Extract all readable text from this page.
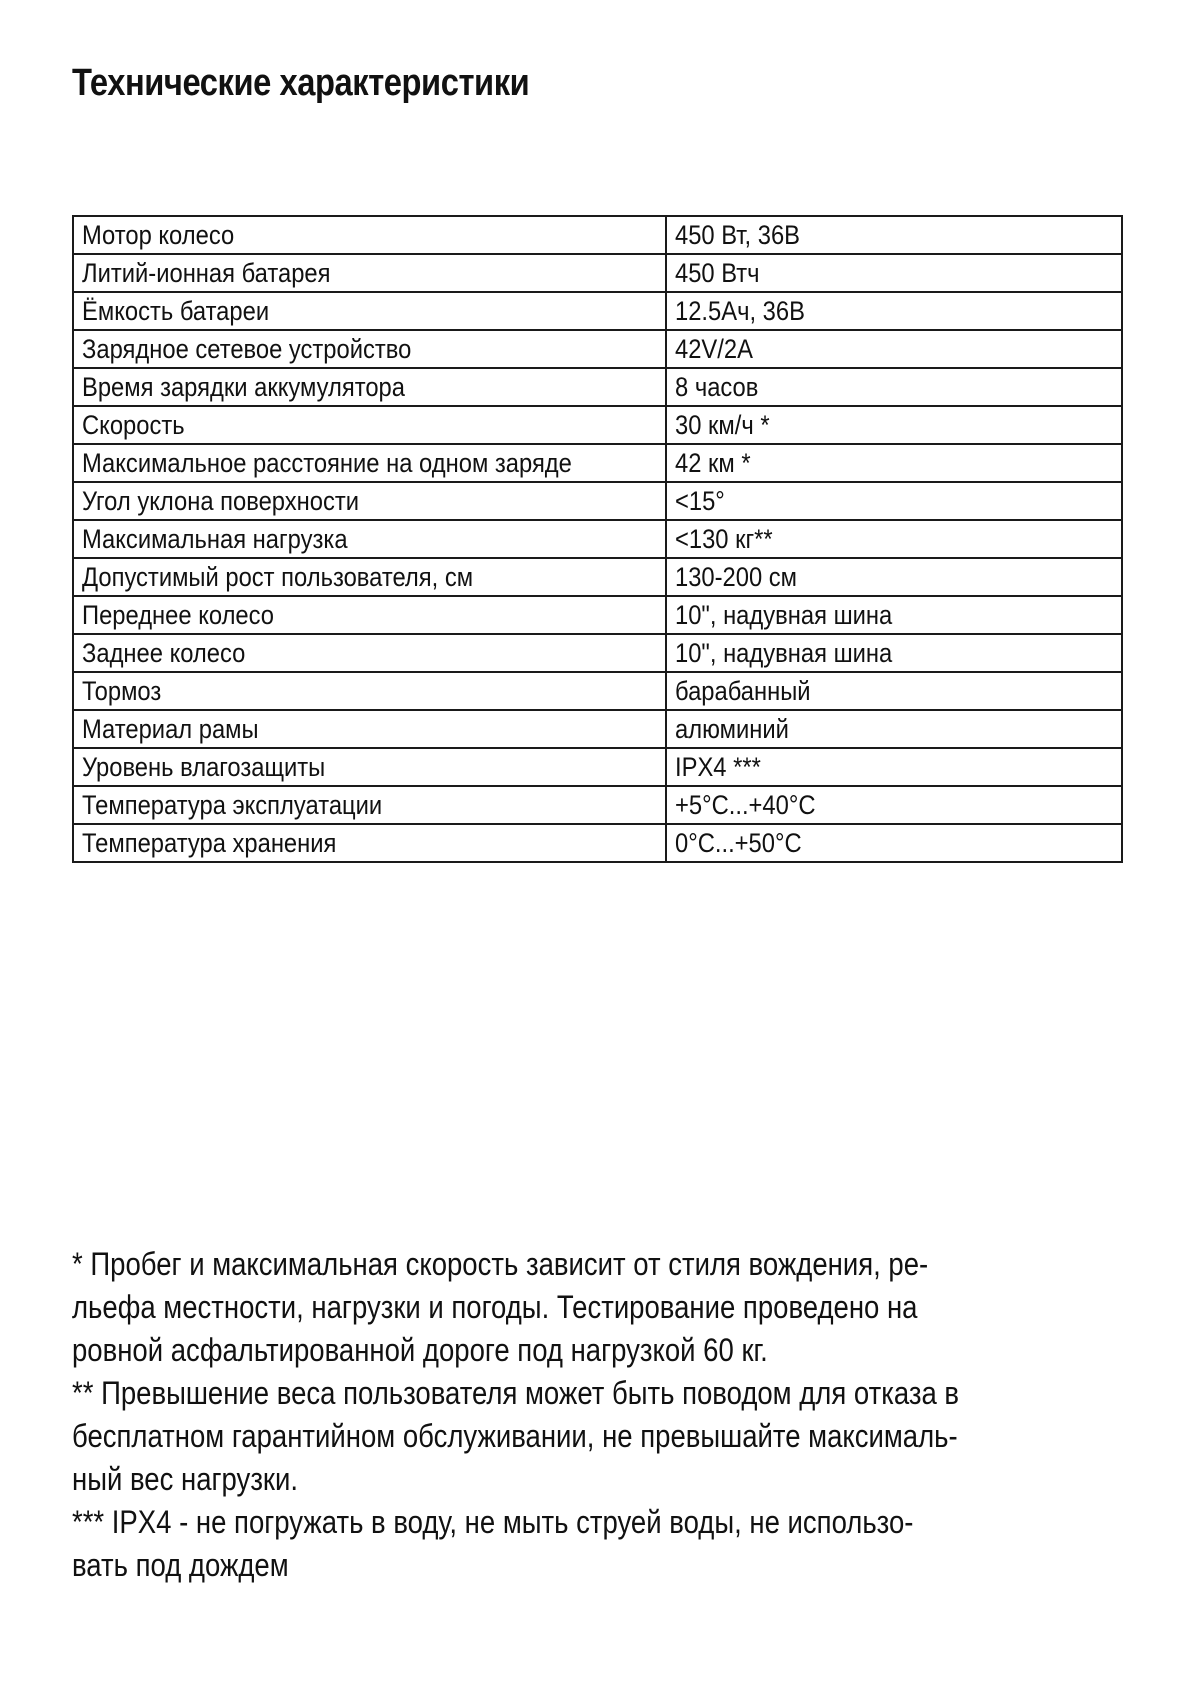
Технические характеристики
Мотор колесо	450 Вт, 36В
Литий-ионная батарея	450 Втч
Ёмкость батареи	12.5Ач, 36В
Зарядное сетевое устройство	42V/2A
Время зарядки аккумулятора	8 часов
Скорость	30 км/ч *
Максимальное расстояние на одном заряде	42 км *
Угол уклона поверхности	<15°
Максимальная нагрузка	<130 кг**
Допустимый рост пользователя, см	130-200 см
Переднее колесо	10", надувная шина
Заднее колесо	10", надувная шина
Тормоз	барабанный
Материал рамы	алюминий
Уровень влагозащиты	IPX4 ***
Температура эксплуатации	+5°C...+40°C
Температура хранения	0°C...+50°C
* Пробег и максимальная скорость зависит от стиля вождения, ре-
льефа местности, нагрузки и погоды. Тестирование проведено на
ровной асфальтированной дороге под нагрузкой 60 кг.
** Превышение веса пользователя может быть поводом для отказа в
бесплатном гарантийном обслуживании, не превышайте максималь-
ный вес нагрузки.
*** IPX4 - не погружать в воду, не мыть струей воды, не использо-
вать под дождем
